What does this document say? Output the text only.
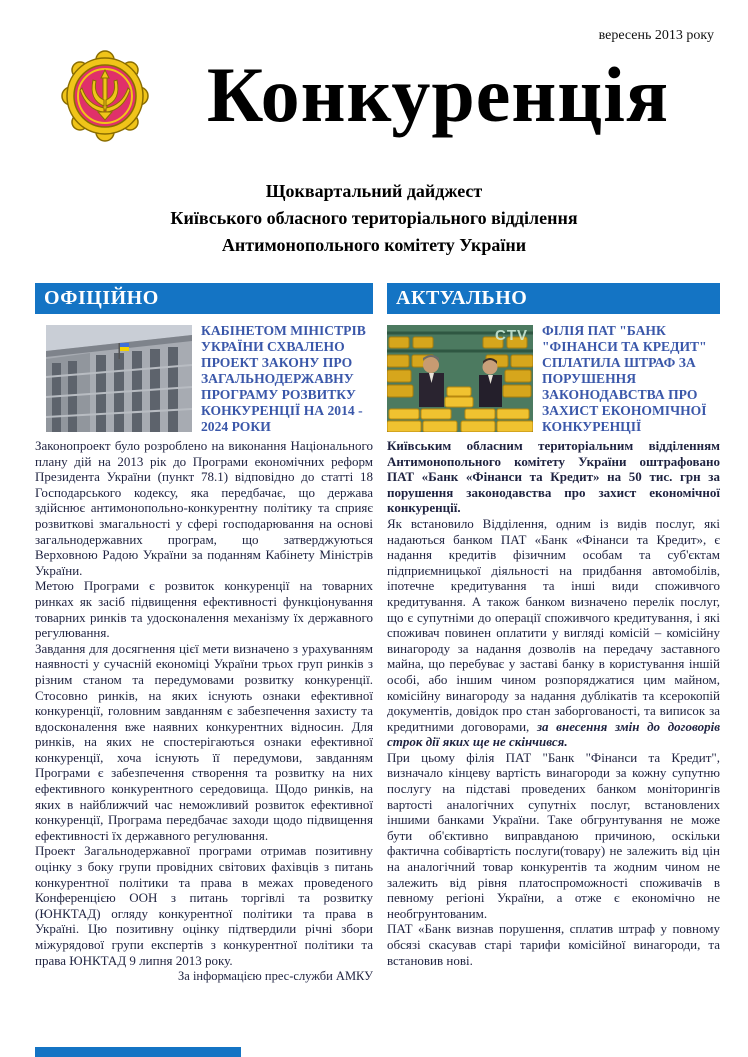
вересень 2013 року
Конкуренція
Щоквартальний дайджест
Київського обласного територіального відділення
Антимонопольного комітету України
ОФІЦІЙНО
КАБІНЕТОМ МІНІСТРІВ УКРАЇНИ СХВАЛЕНО ПРОЕКТ ЗАКОНУ ПРО ЗАГАЛЬНОДЕРЖАВНУ ПРОГРАМУ РОЗВИТКУ КОНКУРЕНЦІЇ НА 2014 - 2024 РОКИ

Законопроект було розроблено на виконання Національного плану дій на 2013 рік до Програми економічних реформ Президента України (пункт 78.1) відповідно до статті 18 Господарського кодексу, яка передбачає, що держава здійснює антимонопольно-конкурентну політику та сприяє розвиткові змагальності у сфері господарювання на основі загальнодержавних програм, що затверджуються Верховною Радою України за поданням Кабінету Міністрів України.

Метою Програми є розвиток конкуренції на товарних ринках як засіб підвищення ефективності функціонування товарних ринків та удосконалення механізму їх державного регулювання.

Завдання для досягнення цієї мети визначено з урахуванням наявності у сучасній економіці України трьох груп ринків з різним станом та передумовами розвитку конкуренції. Стосовно ринків, на яких існують ознаки ефективної конкуренції, головним завданням є забезпечення захисту та вдосконалення вже наявних конкурентних відносин. Для ринків, на яких не спостерігаються ознаки ефективної конкуренції, хоча існують її передумови, завданням Програми є забезпечення створення та розвитку на них ефективного конкурентного середовища. Щодо ринків, на яких в найближчий час неможливий розвиток ефективної конкуренції, Програма передбачає заходи щодо підвищення ефективності їх державного регулювання.

Проект Загальнодержавної програми отримав позитивну оцінку з боку групи провідних світових фахівців з питань конкурентної політики та права в межах проведеного Конференцією ООН з питань торгівлі та розвитку (ЮНКТАД) огляду конкурентної політики та права в Україні. Цю позитивну оцінку підтвердили річні збори міжурядової групи експертів з конкурентної політики та права ЮНКТАД 9 липня 2013 року.

За інформацією прес-служби АМКУ
АКТУАЛЬНО
CTV	ФІЛІЯ ПАТ "БАНК "ФІНАНСИ ТА КРЕДИТ" СПЛАТИЛА ШТРАФ ЗА ПОРУШЕННЯ ЗАКОНОДАВСТВА ПРО ЗАХИСТ ЕКОНОМІЧНОЇ КОНКУРЕНЦІЇ

Київським обласним територіальним відділенням Антимонопольного комітету України оштрафовано ПАТ «Банк «Фінанси та Кредит» на 50 тис. грн за порушення законодавства про захист економічної конкуренції.

Як встановило Відділення, одним із видів послуг, які надаються банком ПАТ «Банк «Фінанси та Кредит», є надання кредитів фізичним особам та суб'єктам підприємницької діяльності на придбання автомобілів, іпотечне кредитування та інші види споживчого кредитування. А також банком визначено перелік послуг, що є супутніми до операції споживчого кредитування, і які споживач повинен оплатити у вигляді комісій – комісійну винагороду за надання дозволів на передачу заставного майна, що перебуває у заставі банку в користування іншій особі, або іншим чином розпоряджатися цим майном, комісійну винагороду за надання дублікатів та ксерокопій документів, довідок про стан заборгованості, та виписок за кредитними договорами, за внесення змін до договорів строк дії яких ще не скінчився.

При цьому філія ПАТ "Банк "Фінанси та Кредит", визначало кінцеву вартість винагороди за кожну супутню послугу на підставі проведених банком моніторингів вартості аналогічних супутніх послуг, встановлених іншими банками України. Таке обгрунтування не може бути об'єктивно виправданою причиною, оскільки фактична собівартість послуги(товару) не залежить від цін на аналогічний товар конкурентів та жодним чином не залежить від рівня платоспроможності споживачів в певному регіоні України, а отже є економічно не необгрунтованим.

ПАТ «Банк визнав порушення, сплатив штраф у повному обсязі скасував старі тарифи комісійної винагороди, та встановив нові.
